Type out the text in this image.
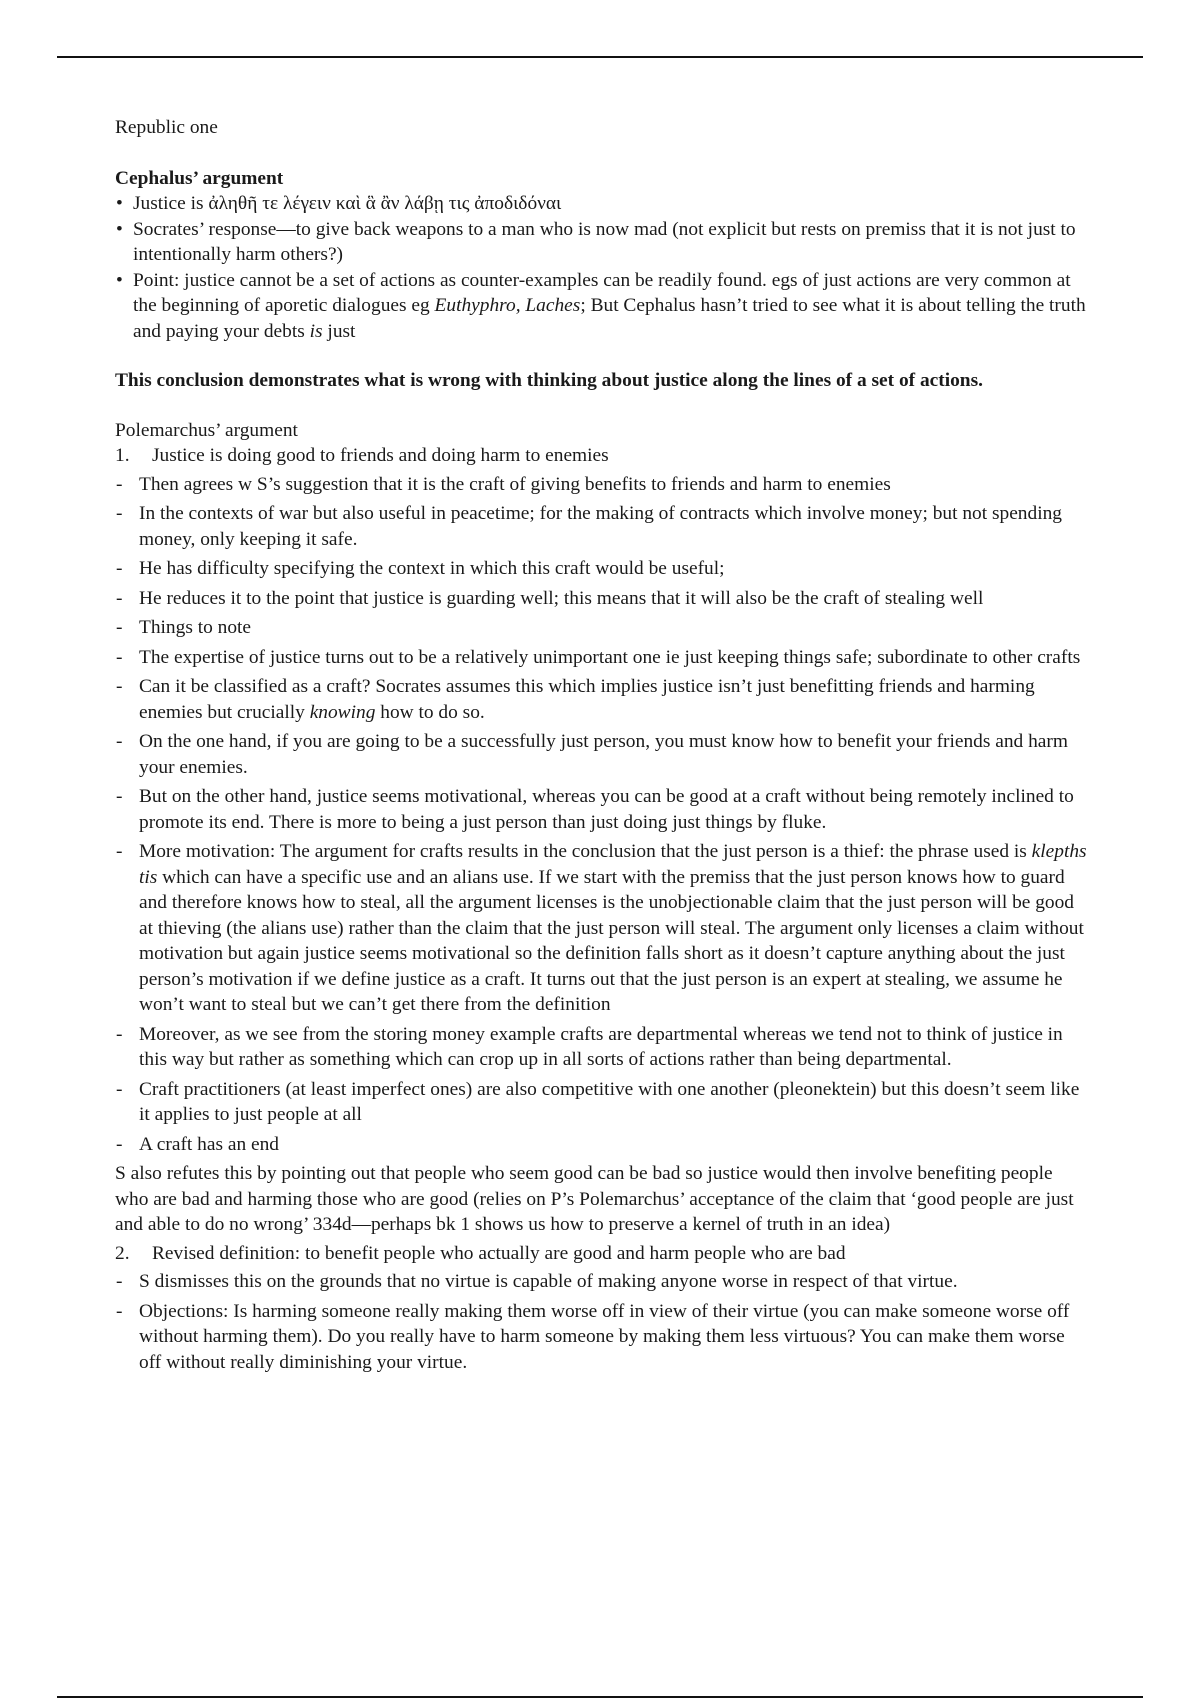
Republic one

Cephalus’ argument

• Justice is ἀληθῆ τε λέγειν καὶ ἃ ἂν λάβῃ τις ἀποδιδόναι
• Socrates’ response—to give back weapons to a man who is now mad (not explicit but rests on premiss that it is not just to intentionally harm others?)
• Point: justice cannot be a set of actions as counter-examples can be readily found. egs of just actions are very common at the beginning of aporetic dialogues eg Euthyphro, Laches; But Cephalus hasn’t tried to see what it is about telling the truth and paying your debts is just

This conclusion demonstrates what is wrong with thinking about justice along the lines of a set of actions.

Polemarchus’ argument

1. Justice is doing good to friends and doing harm to enemies
- Then agrees w S’s suggestion that it is the craft of giving benefits to friends and harm to enemies
- In the contexts of war but also useful in peacetime; for the making of contracts which involve money; but not spending money, only keeping it safe.
- He has difficulty specifying the context in which this craft would be useful;
- He reduces it to the point that justice is guarding well; this means that it will also be the craft of stealing well
- Things to note
- The expertise of justice turns out to be a relatively unimportant one ie just keeping things safe; subordinate to other crafts
- Can it be classified as a craft? Socrates assumes this which implies justice isn’t just benefitting friends and harming enemies but crucially knowing how to do so.
- On the one hand, if you are going to be a successfully just person, you must know how to benefit your friends and harm your enemies.
- But on the other hand, justice seems motivational, whereas you can be good at a craft without being remotely inclined to promote its end. There is more to being a just person than just doing just things by fluke.
- More motivation: The argument for crafts results in the conclusion that the just person is a thief: the phrase used is klepths tis which can have a specific use and an alians use. If we start with the premiss that the just person knows how to guard and therefore knows how to steal, all the argument licenses is the unobjectionable claim that the just person will be good at thieving (the alians use) rather than the claim that the just person will steal. The argument only licenses a claim without motivation but again justice seems motivational so the definition falls short as it doesn’t capture anything about the just person’s motivation if we define justice as a craft. It turns out that the just person is an expert at stealing, we assume he won’t want to steal but we can’t get there from the definition
- Moreover, as we see from the storing money example crafts are departmental whereas we tend not to think of justice in this way but rather as something which can crop up in all sorts of actions rather than being departmental.
- Craft practitioners (at least imperfect ones) are also competitive with one another (pleonektein) but this doesn’t seem like it applies to just people at all
- A craft has an end

S also refutes this by pointing out that people who seem good can be bad so justice would then involve benefiting people who are bad and harming those who are good (relies on P’s Polemarchus’ acceptance of the claim that ‘good people are just and able to do no wrong’ 334d—perhaps bk 1 shows us how to preserve a kernel of truth in an idea)

2. Revised definition: to benefit people who actually are good and harm people who are bad
- S dismisses this on the grounds that no virtue is capable of making anyone worse in respect of that virtue.
- Objections: Is harming someone really making them worse off in view of their virtue (you can make someone worse off without harming them). Do you really have to harm someone by making them less virtuous? You can make them worse off without really diminishing your virtue.
